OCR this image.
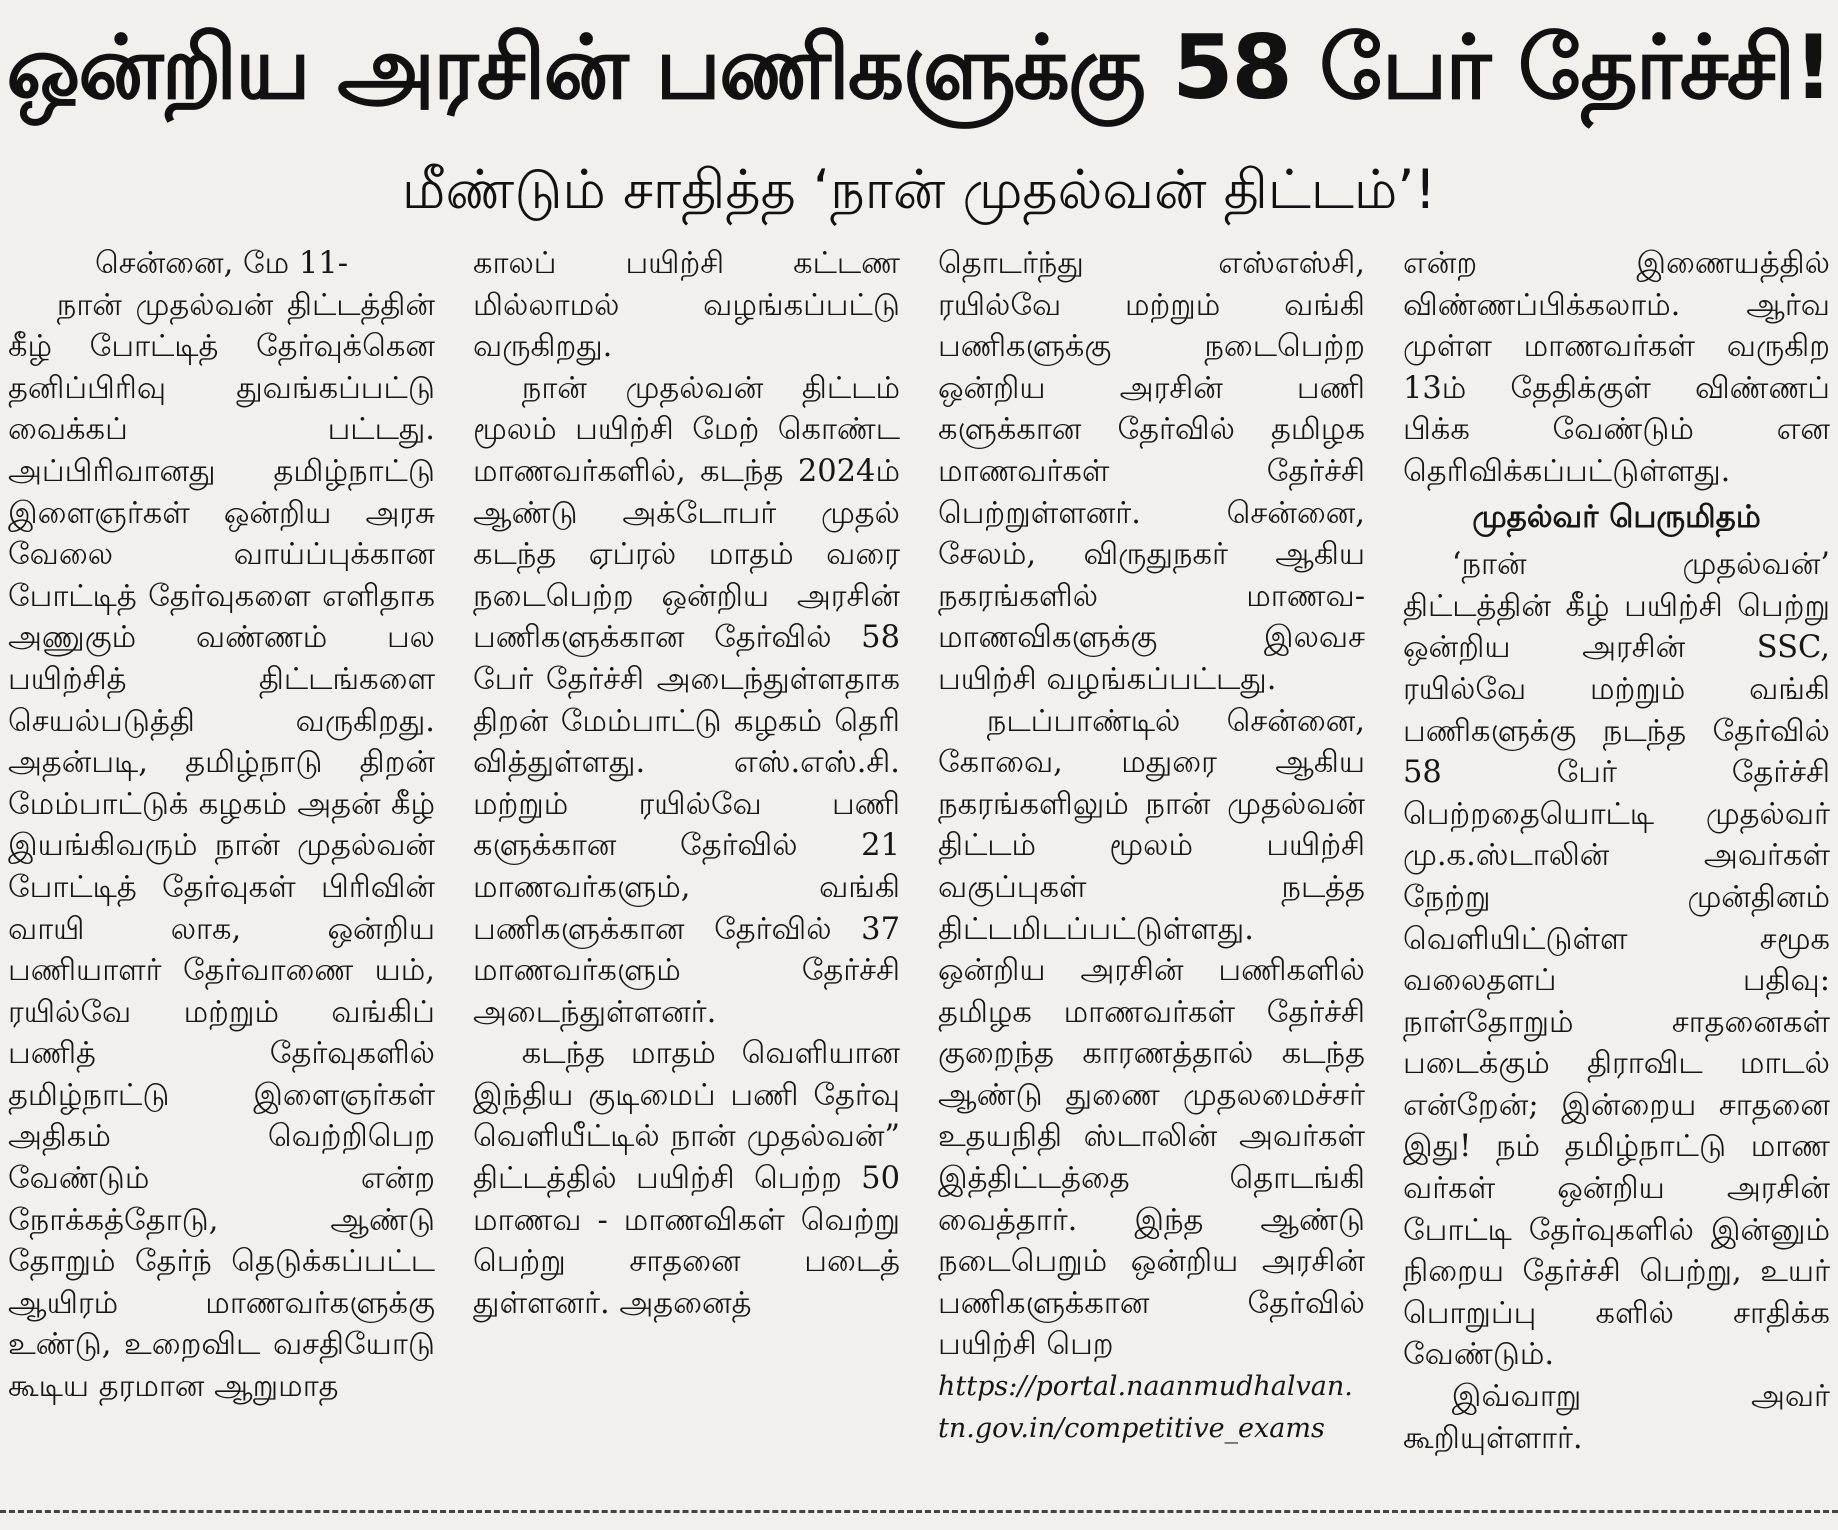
ஒன்றிய அரசின் பணிகளுக்கு 58 பேர் தேர்ச்சி!
மீண்டும் சாதித்த ‘நான் முதல்வன் திட்டம்’!
சென்னை, மே 11-

நான் முதல்வன் திட்டத்தின் கீழ் போட்டித் தேர்வுக்கென தனிப்பிரிவு துவங்கப்பட்டு வைக்கப் பட்டது. அப்பிரிவானது தமிழ்நாட்டு இளைஞர்கள் ஒன்றிய அரசு வேலை வாய்ப்புக்கான போட்டித் தேர்வுகளை எளிதாக அணுகும் வண்ணம் பல பயிற்சித் திட்டங்களை செயல்படுத்தி வருகிறது. அதன்படி, தமிழ்நாடு திறன் மேம்பாட்டுக் கழகம் அதன் கீழ் இயங்கிவரும் நான் முதல்வன் போட்டித் தேர்வுகள் பிரிவின் வாயி லாக, ஒன்றிய பணியாளர் தேர்வாணை யம், ரயில்வே மற்றும் வங்கிப் பணித் தேர்வுகளில் தமிழ்நாட்டு இளைஞர்கள் அதிகம் வெற்றிபெற வேண்டும் என்ற நோக்கத்தோடு, ஆண்டு தோறும் தேர்ந் தெடுக்கப்பட்ட ஆயிரம் மாணவர்களுக்கு உண்டு, உறைவிட வசதியோடு கூடிய தரமான ஆறுமாத

காலப் பயிற்சி கட்டண மில்லாமல் வழங்கப்பட்டு வருகிறது.

நான் முதல்வன் திட்டம் மூலம் பயிற்சி மேற் கொண்ட மாணவர்களில், கடந்த 2024ம் ஆண்டு அக்டோபர் முதல் கடந்த ஏப்ரல் மாதம் வரை நடைபெற்ற ஒன்றிய அரசின் பணிகளுக்கான தேர்வில் 58 பேர் தேர்ச்சி அடைந்துள்ளதாக திறன் மேம்பாட்டு கழகம் தெரி வித்துள்ளது. எஸ்.எஸ்.சி. மற்றும் ரயில்வே பணி களுக்கான தேர்வில் 21 மாணவர்களும், வங்கி பணிகளுக்கான தேர்வில் 37 மாணவர்களும் தேர்ச்சி அடைந்துள்ளனர்.

கடந்த மாதம் வெளியான இந்திய குடிமைப் பணி தேர்வு வெளியீட்டில் நான் முதல்வன்” திட்டத்தில் பயிற்சி பெற்ற 50 மாணவ - மாணவிகள் வெற்று பெற்று சாதனை படைத் துள்ளனர். அதனைத்

தொடர்ந்து எஸ்எஸ்சி, ரயில்வே மற்றும் வங்கி பணிகளுக்கு நடைபெற்ற ஒன்றிய அரசின் பணி களுக்கான தேர்வில் தமிழக மாணவர்கள் தேர்ச்சி பெற்றுள்ளனர். சென்னை, சேலம், விருதுநகர் ஆகிய நகரங்களில் மாணவ- மாணவிகளுக்கு இலவச பயிற்சி வழங்கப்பட்டது.

நடப்பாண்டில் சென்னை, கோவை, மதுரை ஆகிய நகரங்களிலும் நான் முதல்வன் திட்டம் மூலம் பயிற்சி வகுப்புகள் நடத்த திட்டமிடப்பட்டுள்ளது. ஒன்றிய அரசின் பணிகளில் தமிழக மாணவர்கள் தேர்ச்சி குறைந்த காரணத்தால் கடந்த ஆண்டு துணை முதலமைச்சர் உதயநிதி ஸ்டாலின் அவர்கள் இத்திட்டத்தை தொடங்கி வைத்தார். இந்த ஆண்டு நடைபெறும் ஒன்றிய அரசின் பணிகளுக்கான தேர்வில் பயிற்சி பெற

https://portal.naanmudhalvan. tn.gov.in/competitive_exams

என்ற இணையத்தில் விண்ணப்பிக்கலாம். ஆர்வ முள்ள மாணவர்கள் வருகிற 13ம் தேதிக்குள் விண்ணப் பிக்க வேண்டும் என தெரிவிக்கப்பட்டுள்ளது.

முதல்வர் பெருமிதம்

‘நான் முதல்வன்’ திட்டத்தின் கீழ் பயிற்சி பெற்று ஒன்றிய அரசின் SSC, ரயில்வே மற்றும் வங்கி பணிகளுக்கு நடந்த தேர்வில் 58 பேர் தேர்ச்சி பெற்றதையொட்டி முதல்வர் மு.க.ஸ்டாலின் அவர்கள் நேற்று முன்தினம் வெளியிட்டுள்ள சமூக வலைதளப் பதிவு: நாள்தோறும் சாதனைகள் படைக்கும் திராவிட மாடல் என்றேன்; இன்றைய சாதனை இது! நம் தமிழ்நாட்டு மாண வர்கள் ஒன்றிய அரசின் போட்டி தேர்வுகளில் இன்னும் நிறைய தேர்ச்சி பெற்று, உயர் பொறுப்பு களில் சாதிக்க வேண்டும்.

இவ்வாறு அவர் கூறியுள்ளார்.
